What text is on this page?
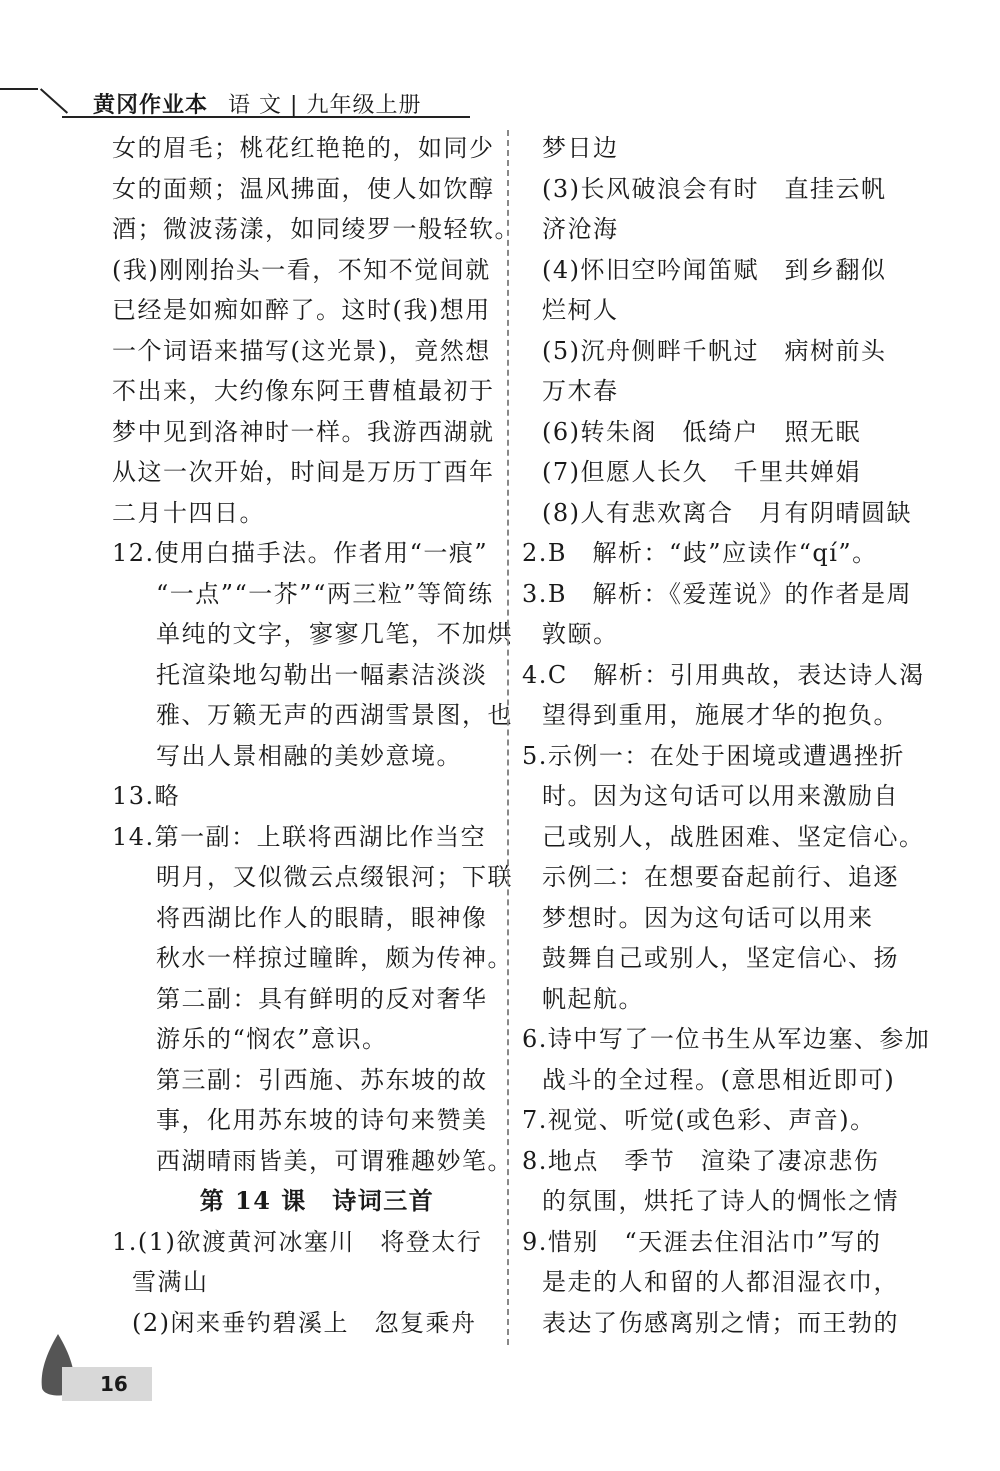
黄冈作业本 语 文 | 九年级上册
女的眉毛；桃花红艳艳的，如同少
女的面颊；温风拂面，使人如饮醇
酒；微波荡漾，如同绫罗一般轻软。
(我)刚刚抬头一看，不知不觉间就
已经是如痴如醉了。这时(我)想用
一个词语来描写(这光景)，竟然想
不出来，大约像东阿王曹植最初于
梦中见到洛神时一样。我游西湖就
从这一次开始，时间是万历丁酉年
二月十四日。
12.使用白描手法。作者用“一痕”
“一点”“一芥”“两三粒”等简练
单纯的文字，寥寥几笔，不加烘
托渲染地勾勒出一幅素洁淡淡
雅、万籁无声的西湖雪景图，也
写出人景相融的美妙意境。
13.略
14.第一副：上联将西湖比作当空
明月，又似微云点缀银河；下联
将西湖比作人的眼睛，眼神像
秋水一样掠过瞳眸，颇为传神。
第二副：具有鲜明的反对奢华
游乐的“悯农”意识。
第三副：引西施、苏东坡的故
事，化用苏东坡的诗句来赞美
西湖晴雨皆美，可谓雅趣妙笔。
第 14 课　诗词三首
1.(1)欲渡黄河冰塞川　将登太行
雪满山
(2)闲来垂钓碧溪上　忽复乘舟
梦日边
(3)长风破浪会有时　直挂云帆
济沧海
(4)怀旧空吟闻笛赋　到乡翻似
烂柯人
(5)沉舟侧畔千帆过　病树前头
万木春
(6)转朱阁　低绮户　照无眠
(7)但愿人长久　千里共婵娟
(8)人有悲欢离合　月有阴晴圆缺
2.B　解析：“歧”应读作“qí”。
3.B　解析：《爱莲说》的作者是周
敦颐。
4.C　解析：引用典故，表达诗人渴
望得到重用，施展才华的抱负。
5.示例一：在处于困境或遭遇挫折
时。因为这句话可以用来激励自
己或别人，战胜困难、坚定信心。
示例二：在想要奋起前行、追逐
梦想时。因为这句话可以用来
鼓舞自己或别人，坚定信心、扬
帆起航。
6.诗中写了一位书生从军边塞、参加
战斗的全过程。(意思相近即可)
7.视觉、听觉(或色彩、声音)。
8.地点　季节　渲染了凄凉悲伤
的氛围，烘托了诗人的惆怅之情
9.惜别　“天涯去住泪沾巾”写的
是走的人和留的人都泪湿衣巾，
表达了伤感离别之情；而王勃的
16
